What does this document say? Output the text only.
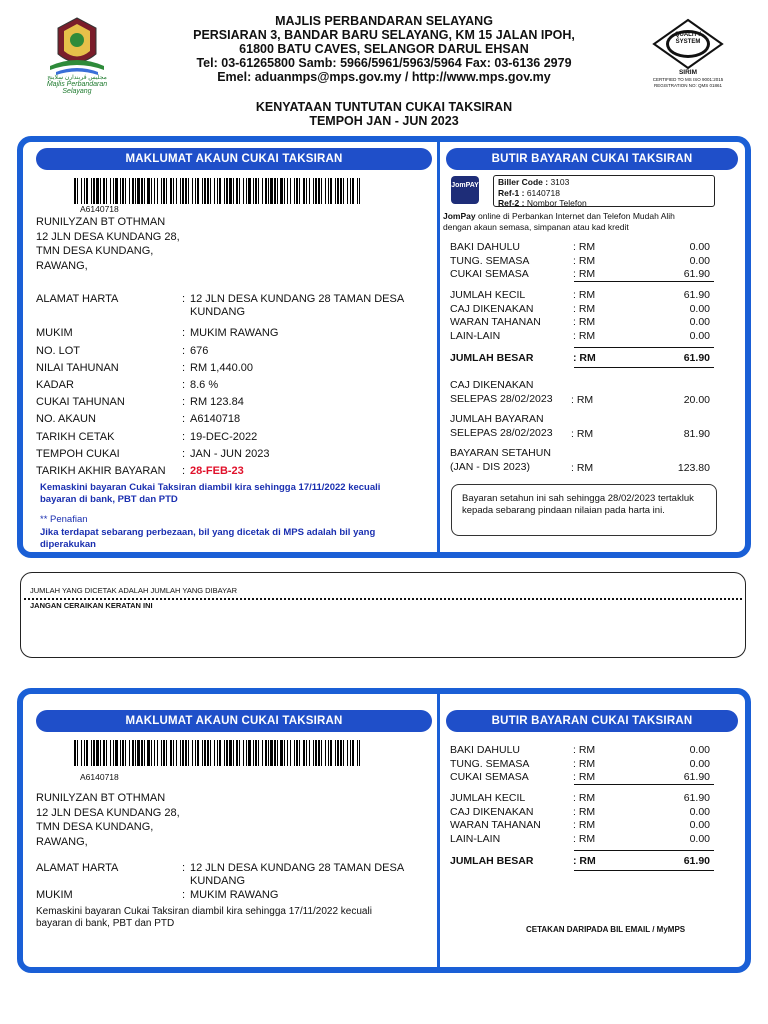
مجليس ڤربندارن سلاينج
Majlis Perbandaran Selayang
MAJLIS PERBANDARAN SELAYANG
PERSIARAN 3, BANDAR BARU SELAYANG, KM 15 JALAN IPOH,
61800 BATU CAVES, SELANGOR DARUL EHSAN
Tel: 03-61265800 Samb: 5966/5961/5963/5964 Fax: 03-6136 2979
Emel: aduanmps@mps.gov.my / http://www.mps.gov.my
QUALITY
SYSTEM
SIRIM
CERTIFIED TO MS ISO 9001:2015
REGISTRATION NO: QMS 01861
KENYATAAN TUNTUTAN CUKAI TAKSIRAN
TEMPOH JAN - JUN 2023
MAKLUMAT AKAUN CUKAI TAKSIRAN	BUTIR BAYARAN CUKAI TAKSIRAN
A6140718
RUNILYZAN BT OTHMAN
12 JLN DESA KUNDANG 28,
TMN DESA KUNDANG,
RAWANG,
ALAMAT HARTA	: 12 JLN DESA KUNDANG 28 TAMAN DESA KUNDANG
MUKIM	: MUKIM RAWANG
NO. LOT	: 676
NILAI TAHUNAN	: RM 1,440.00
KADAR	: 8.6 %
CUKAI TAHUNAN	: RM 123.84
NO. AKAUN	: A6140718
TARIKH CETAK	: 19-DEC-2022
TEMPOH CUKAI	: JAN - JUN 2023
TARIKH AKHIR BAYARAN : 28-FEB-23
Kemaskini bayaran Cukai Taksiran diambil kira sehingga 17/11/2022 kecuali bayaran di bank, PBT dan PTD
** Penafian
Jika terdapat sebarang perbezaan, bil yang dicetak di MPS adalah bil yang diperakukan
JomPAY Biller Code : 3103
Ref-1 : 6140718
Ref-2 : Nombor Telefon
JomPay online di Perbankan Internet dan Telefon Mudah Alih
dengan akaun semasa, simpanan atau kad kredit
BAKI DAHULU	: RM	0.00
TUNG. SEMASA	: RM	0.00
CUKAI SEMASA	: RM	61.90
JUMLAH KECIL	: RM	61.90
CAJ DIKENAKAN	: RM	0.00
WARAN TAHANAN	: RM	0.00
LAIN-LAIN	: RM	0.00
JUMLAH BESAR	: RM	61.90
CAJ DIKENAKAN
SELEPAS 28/02/2023 : RM	20.00
JUMLAH BAYARAN
SELEPAS 28/02/2023 : RM	81.90
BAYARAN SETAHUN
(JAN - DIS 2023)	: RM	123.80
Bayaran setahun ini sah sehingga 28/02/2023 tertakluk kepada sebarang pindaan nilaian pada harta ini.
JUMLAH YANG DICETAK ADALAH JUMLAH YANG DIBAYAR
JANGAN CERAIKAN KERATAN INI
MAKLUMAT AKAUN CUKAI TAKSIRAN	BUTIR BAYARAN CUKAI TAKSIRAN
A6140718
RUNILYZAN BT OTHMAN
12 JLN DESA KUNDANG 28,
TMN DESA KUNDANG,
RAWANG,
ALAMAT HARTA	: 12 JLN DESA KUNDANG 28 TAMAN DESA KUNDANG
MUKIM	: MUKIM RAWANG
Kemaskini bayaran Cukai Taksiran diambil kira sehingga 17/11/2022 kecuali bayaran di bank, PBT dan PTD
BAKI DAHULU	: RM	0.00
TUNG. SEMASA	: RM	0.00
CUKAI SEMASA	: RM	61.90
JUMLAH KECIL	: RM	61.90
CAJ DIKENAKAN	: RM	0.00
WARAN TAHANAN	: RM	0.00
LAIN-LAIN	: RM	0.00
JUMLAH BESAR	: RM	61.90
CETAKAN DARIPADA BIL EMAIL / MyMPS
